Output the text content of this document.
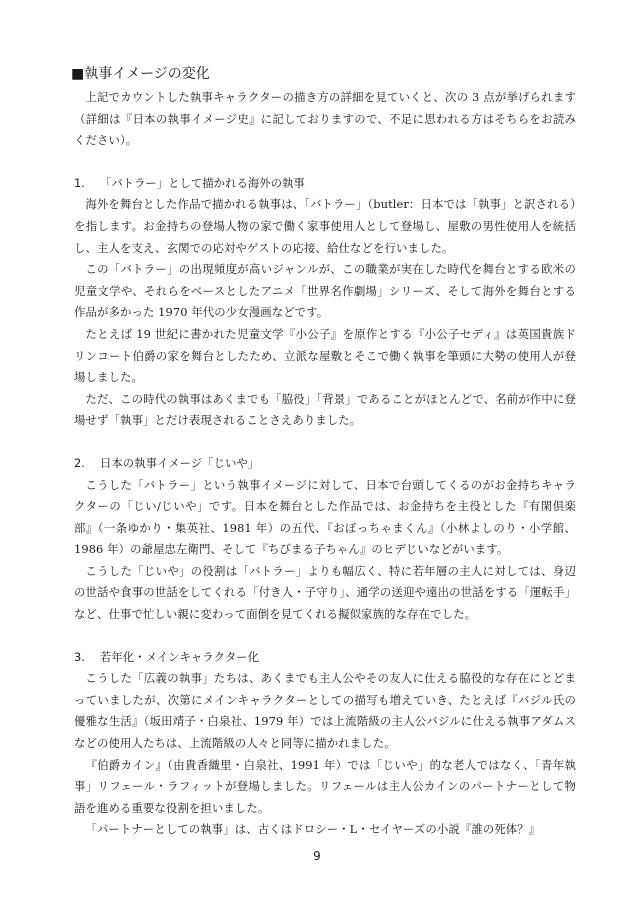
■執事イメージの変化

上記でカウントした執事キャラクターの描き方の詳細を見ていくと、次の 3 点が挙げられます（詳細は『日本の執事イメージ史』に記しておりますので、不足に思われる方はそちらをお読みください）。

1. 「バトラー」として描かれる海外の執事

海外を舞台とした作品で描かれる執事は、「バトラー」（butler：日本では「執事」と訳される）を指します。お金持ちの登場人物の家で働く家事使用人として登場し、屋敷の男性使用人を統括し、主人を支え、玄関での応対やゲストの応接、給仕などを行いました。

この「バトラー」の出現頻度が高いジャンルが、この職業が実在した時代を舞台とする欧米の児童文学や、それらをベースとしたアニメ「世界名作劇場」シリーズ、そして海外を舞台とする作品が多かった 1970 年代の少女漫画などです。

たとえば 19 世紀に書かれた児童文学『小公子』を原作とする『小公子セディ』は英国貴族ドリンコート伯爵の家を舞台としたため、立派な屋敷とそこで働く執事を筆頭に大勢の使用人が登場しました。

ただ、この時代の執事はあくまでも「脇役」「背景」であることがほとんどで、名前が作中に登場せず「執事」とだけ表現されることさえありました。

2. 日本の執事イメージ「じいや」

こうした「バトラー」という執事イメージに対して、日本で台頭してくるのがお金持ちキャラクターの「じい/じいや」です。日本を舞台とした作品では、お金持ちを主役とした『有閑倶楽部』（一条ゆかり・集英社、1981 年）の五代、『おぼっちゃまくん』（小林よしのり・小学館、1986 年）の爺屋忠左衛門、そして『ちびまる子ちゃん』のヒデじいなどがいます。

こうした「じいや」の役割は「バトラー」よりも幅広く、特に若年層の主人に対しては、身辺の世話や食事の世話をしてくれる「付き人・子守り」、通学の送迎や遠出の世話をする「運転手」など、仕事で忙しい親に変わって面倒を見てくれる擬似家族的な存在でした。

3. 若年化・メインキャラクター化

こうした「広義の執事」たちは、あくまでも主人公やその友人に仕える脇役的な存在にとどまっていましたが、次第にメインキャラクターとしての描写も増えていき、たとえば『バジル氏の優雅な生活』（坂田靖子・白泉社、1979 年）では上流階級の主人公バジルに仕える執事アダムスなどの使用人たちは、上流階級の人々と同等に描かれました。

『伯爵カイン』（由貴香織里・白泉社、1991 年）では「じいや」的な老人ではなく、「青年執事」リフェール・ラフィットが登場しました。リフェールは主人公カインのパートナーとして物語を進める重要な役割を担いました。

「パートナーとしての執事」は、古くはドロシー・L・セイヤーズの小説『誰の死体？』

9
